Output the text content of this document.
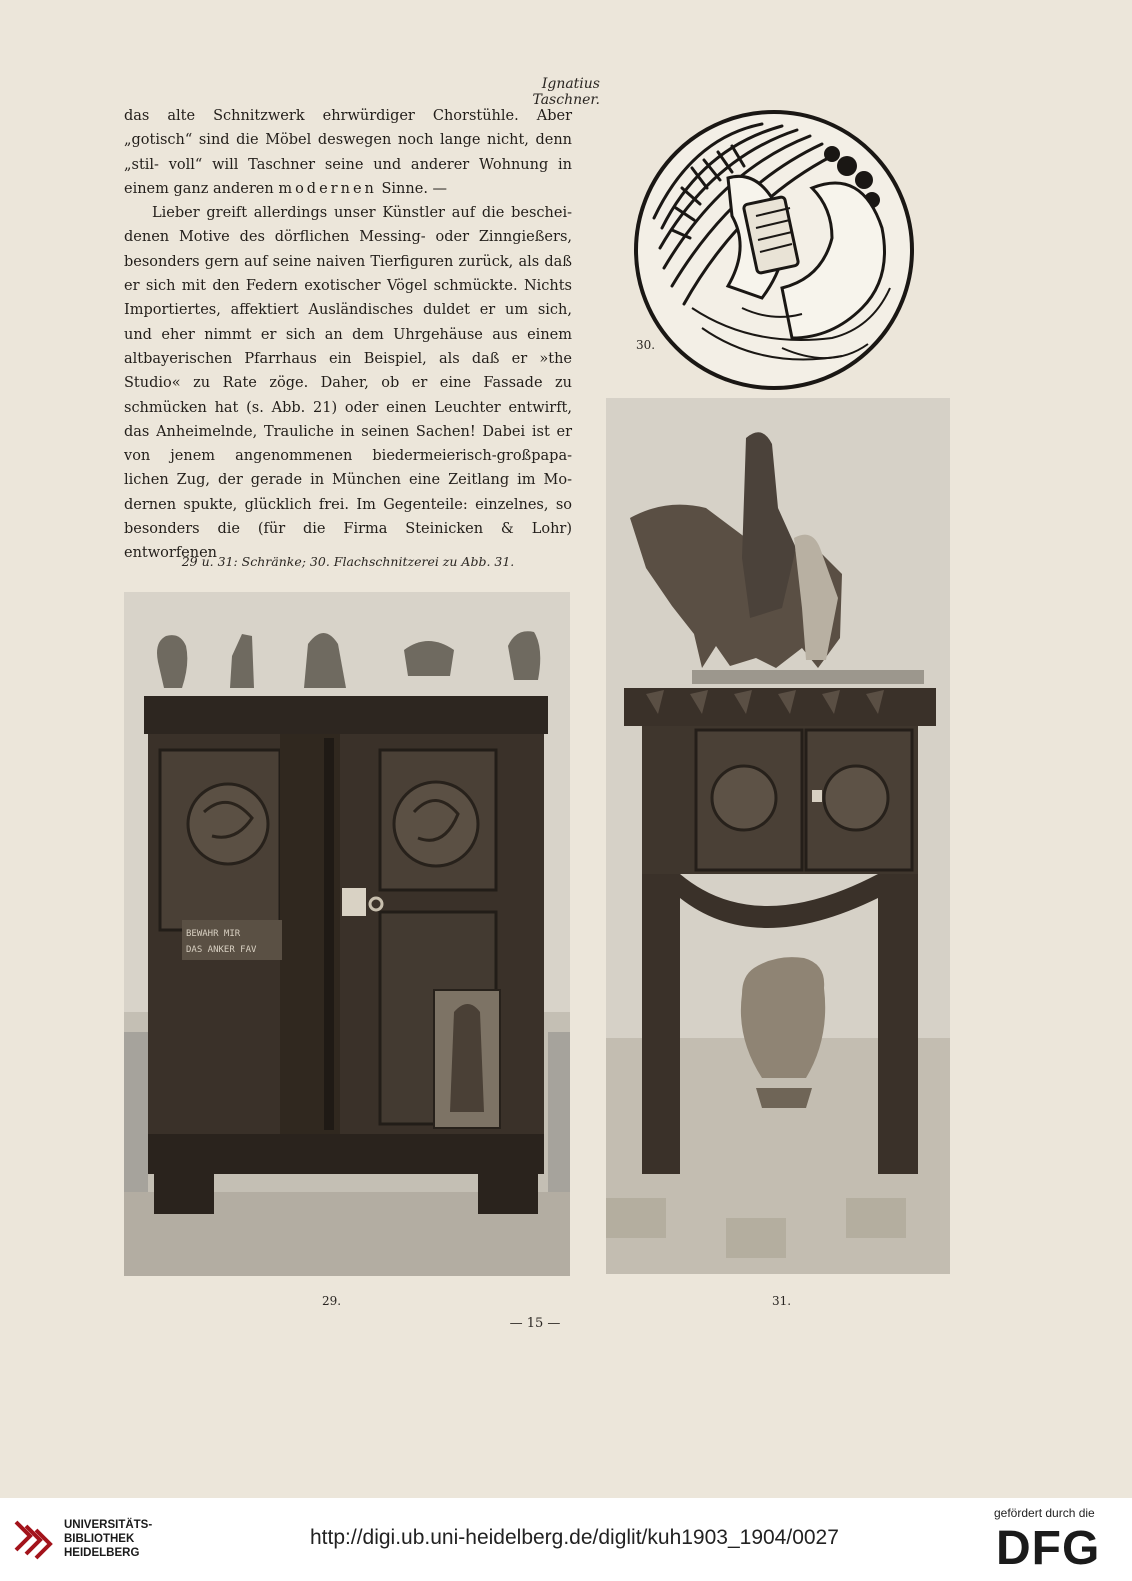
Ignatius Taschner.

das alte Schnitzwerk ehrwürdiger Chorstühle. Aber „gotisch“ sind die Möbel deswegen noch lange nicht, denn „stil- voll“ will Taschner seine und anderer Wohnung in einem ganz anderen modernen Sinne. —

Lieber greift allerdings unser Künstler auf die beschei- denen Motive des dörflichen Messing- oder Zinngießers, besonders gern auf seine naiven Tierfiguren zurück, als daß er sich mit den Federn exotischer Vögel schmückte. Nichts Importiertes, affektiert Ausländisches duldet er um sich, und eher nimmt er sich an dem Uhrgehäuse aus einem altbayerischen Pfarrhaus ein Beispiel, als daß er »the Studio« zu Rate zöge. Daher, ob er eine Fassade zu schmücken hat (s. Abb. 21) oder einen Leuchter entwirft, das Anheimelnde, Trauliche in seinen Sachen! Dabei ist er von jenem angenommenen biedermeierisch-großpapa- lichen Zug, der gerade in München eine Zeitlang im Mo- dernen spukte, glücklich frei. Im Gegenteile: einzelnes, so besonders die (für die Firma Steinicken & Lohr) entworfenen

30.
29 u. 31: Schränke; 30. Flachschnitzerei zu Abb. 31.
BEWAHR MIR
DAS ANKER FAV
29.	31.
— 15 —
UNIVERSITÄTS-
BIBLIOTHEK
HEIDELBERG
http://digi.ub.uni-heidelberg.de/diglit/kuh1903_1904/0027
gefördert durch die
DFG
